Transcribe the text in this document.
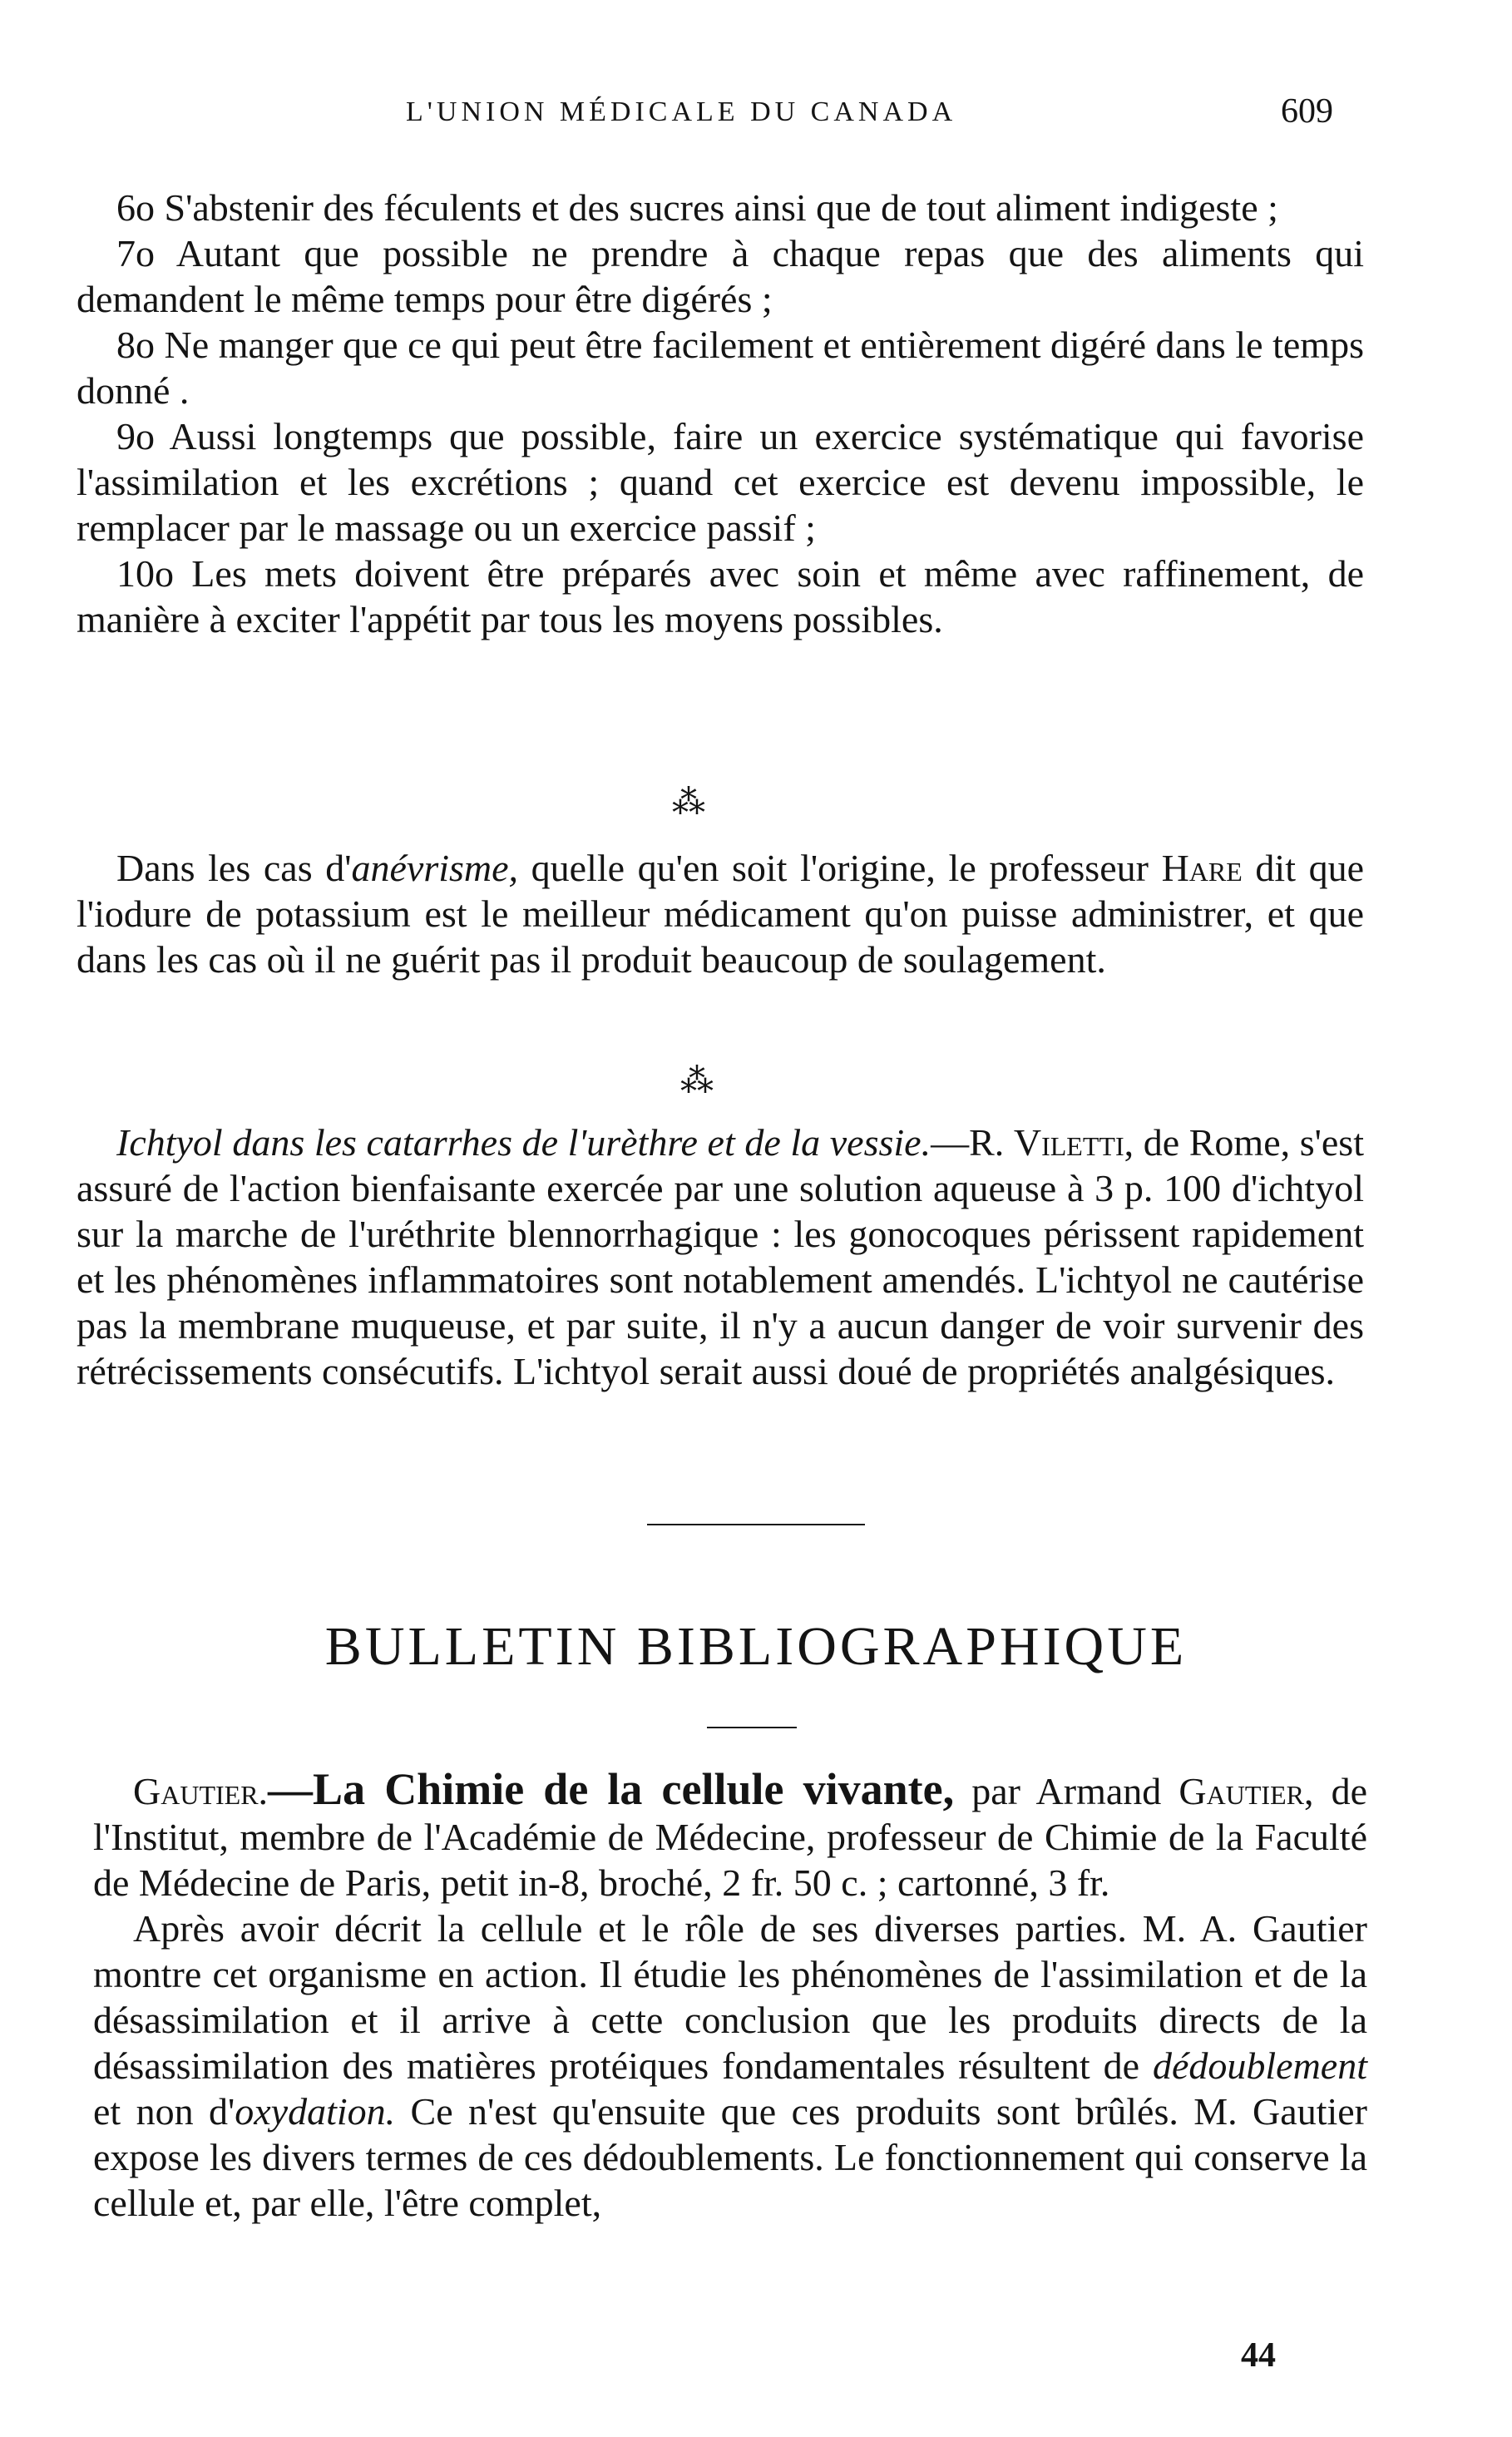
L'UNION MÉDICALE DU CANADA	609

6o S'abstenir des féculents et des sucres ainsi que de tout aliment indigeste ;

7o Autant que possible ne prendre à chaque repas que des aliments qui demandent le même temps pour être digérés ;

8o Ne manger que ce qui peut être facilement et entièrement digéré dans le temps donné .

9o Aussi longtemps que possible, faire un exercice systématique qui favorise l'assimilation et les excrétions ; quand cet exercice est devenu impossible, le remplacer par le massage ou un exercice passif ;

10o Les mets doivent être préparés avec soin et même avec raffinement, de manière à exciter l'appétit par tous les moyens possibles.

⁂

Dans les cas d'anévrisme, quelle qu'en soit l'origine, le professeur Hare dit que l'iodure de potassium est le meilleur médicament qu'on puisse administrer, et que dans les cas où il ne guérit pas il produit beaucoup de soulagement.

⁂

Ichtyol dans les catarrhes de l'urèthre et de la vessie.—R. Viletti, de Rome, s'est assuré de l'action bienfaisante exercée par une solution aqueuse à 3 p. 100 d'ichtyol sur la marche de l'uréthrite blennorrhagique : les gonocoques périssent rapidement et les phénomènes inflammatoires sont notablement amendés. L'ichtyol ne cautérise pas la membrane muqueuse, et par suite, il n'y a aucun danger de voir survenir des rétrécissements consécutifs. L'ichtyol serait aussi doué de propriétés analgésiques.

BULLETIN BIBLIOGRAPHIQUE

Gautier.—La Chimie de la cellule vivante, par Armand Gautier, de l'Institut, membre de l'Académie de Médecine, professeur de Chimie de la Faculté de Médecine de Paris, petit in-8, broché, 2 fr. 50 c. ; cartonné, 3 fr.

Après avoir décrit la cellule et le rôle de ses diverses parties. M. A. Gautier montre cet organisme en action. Il étudie les phénomènes de l'assimilation et de la désassimilation et il arrive à cette conclusion que les produits directs de la désassimilation des matières protéiques fondamentales résultent de dédoublement et non d'oxydation. Ce n'est qu'ensuite que ces produits sont brûlés. M. Gautier expose les divers termes de ces dédoublements. Le fonctionnement qui conserve la cellule et, par elle, l'être complet,

44
